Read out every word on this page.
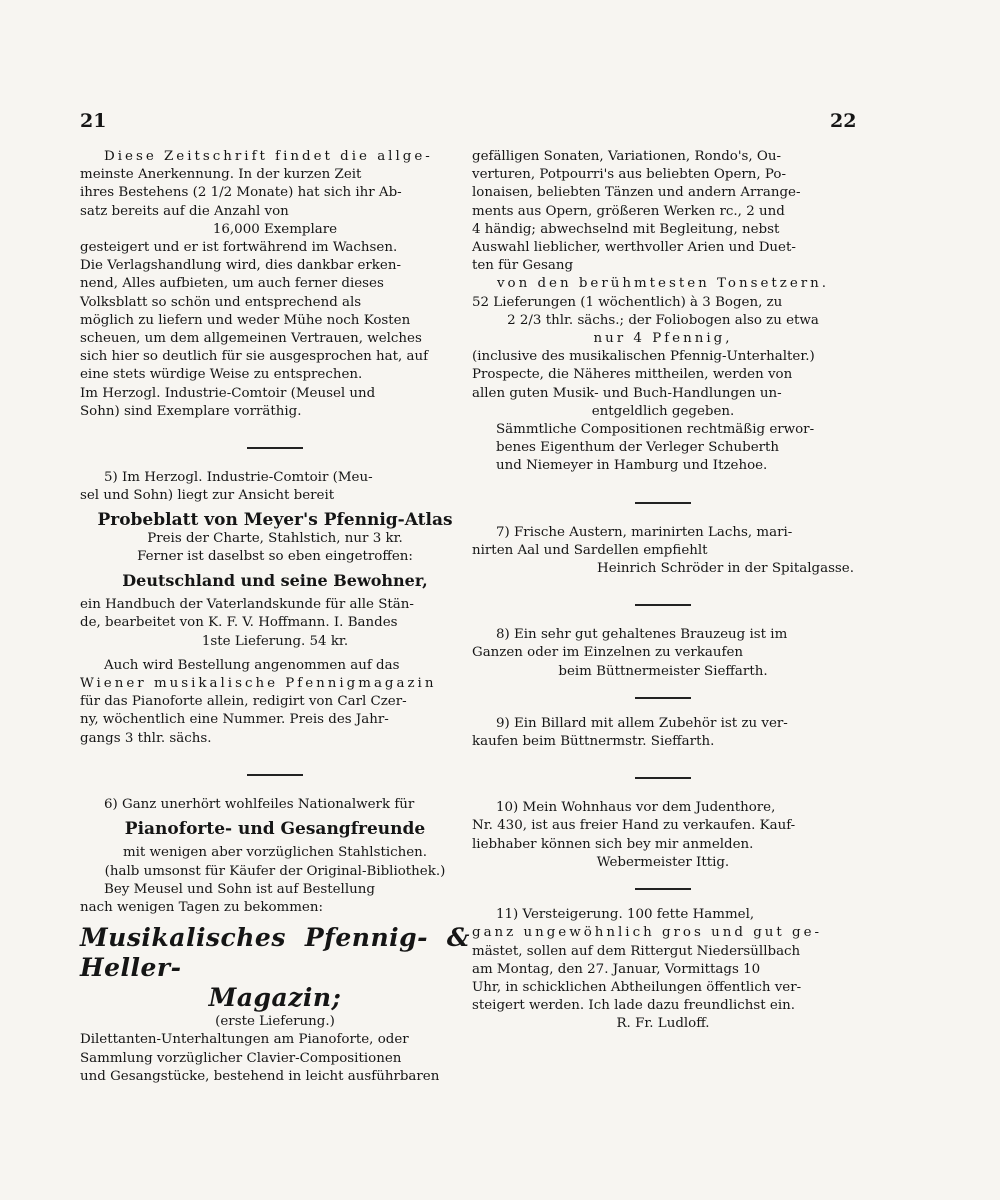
21	22

Diese Zeitschrift findet die allge-

meinste Anerkennung. In der kurzen Zeit

ihres Bestehens (2 1/2 Monate) hat sich ihr Ab-

satz bereits auf die Anzahl von

16,000 Exemplare

gesteigert und er ist fortwährend im Wachsen.

Die Verlagshandlung wird, dies dankbar erken-

nend, Alles aufbieten, um auch ferner dieses

Volksblatt so schön und entsprechend als

möglich zu liefern und weder Mühe noch Kosten

scheuen, um dem allgemeinen Vertrauen, welches

sich hier so deutlich für sie ausgesprochen hat, auf

eine stets würdige Weise zu entsprechen.

Im Herzogl. Industrie-Comtoir (Meusel und

Sohn) sind Exemplare vorräthig.

5) Im Herzogl. Industrie-Comtoir (Meu-

sel und Sohn) liegt zur Ansicht bereit

Probeblatt von Meyer's Pfennig-Atlas

Preis der Charte, Stahlstich, nur 3 kr.

Ferner ist daselbst so eben eingetroffen:

Deutschland und seine Bewohner,

ein Handbuch der Vaterlandskunde für alle Stän-

de, bearbeitet von K. F. V. Hoffmann. I. Bandes

1ste Lieferung. 54 kr.

Auch wird Bestellung angenommen auf das

Wiener musikalische Pfennigmagazin

für das Pianoforte allein, redigirt von Carl Czer-

ny, wöchentlich eine Nummer. Preis des Jahr-

gangs 3 thlr. sächs.

6) Ganz unerhört wohlfeiles Nationalwerk für

Pianoforte- und Gesangfreunde

mit wenigen aber vorzüglichen Stahlstichen.

(halb umsonst für Käufer der Original-Bibliothek.)

Bey Meusel und Sohn ist auf Bestellung

nach wenigen Tagen zu bekommen:

Musikalisches Pfennig- & Heller-

Magazin;

(erste Lieferung.)

Dilettanten-Unterhaltungen am Pianoforte, oder

Sammlung vorzüglicher Clavier-Compositionen

und Gesangstücke, bestehend in leicht ausführbaren

gefälligen Sonaten, Variationen, Rondo's, Ou-

verturen, Potpourri's aus beliebten Opern, Po-

lonaisen, beliebten Tänzen und andern Arrange-

ments aus Opern, größeren Werken rc., 2 und

4 händig; abwechselnd mit Begleitung, nebst

Auswahl lieblicher, werthvoller Arien und Duet-

ten für Gesang

von den berühmtesten Tonsetzern.

52 Lieferungen (1 wöchentlich) à 3 Bogen, zu

2 2/3 thlr. sächs.; der Foliobogen also zu etwa

nur 4 Pfennig,

(inclusive des musikalischen Pfennig-Unterhalter.)

Prospecte, die Näheres mittheilen, werden von

allen guten Musik- und Buch-Handlungen un-

entgeldlich gegeben.

Sämmtliche Compositionen rechtmäßig erwor-

benes Eigenthum der Verleger Schuberth

und Niemeyer in Hamburg und Itzehoe.

7) Frische Austern, marinirten Lachs, mari-

nirten Aal und Sardellen empfiehlt

Heinrich Schröder in der Spitalgasse.

8) Ein sehr gut gehaltenes Brauzeug ist im

Ganzen oder im Einzelnen zu verkaufen

beim Büttnermeister Sieffarth.

9) Ein Billard mit allem Zubehör ist zu ver-

kaufen beim Büttnermstr. Sieffarth.

10) Mein Wohnhaus vor dem Judenthore,

Nr. 430, ist aus freier Hand zu verkaufen. Kauf-

liebhaber können sich bey mir anmelden.

Webermeister Ittig.

11) Versteigerung. 100 fette Hammel,

ganz ungewöhnlich gros und gut ge-

mästet, sollen auf dem Rittergut Niedersüllbach

am Montag, den 27. Januar, Vormittags 10

Uhr, in schicklichen Abtheilungen öffentlich ver-

steigert werden. Ich lade dazu freundlichst ein.

R. Fr. Ludloff.
